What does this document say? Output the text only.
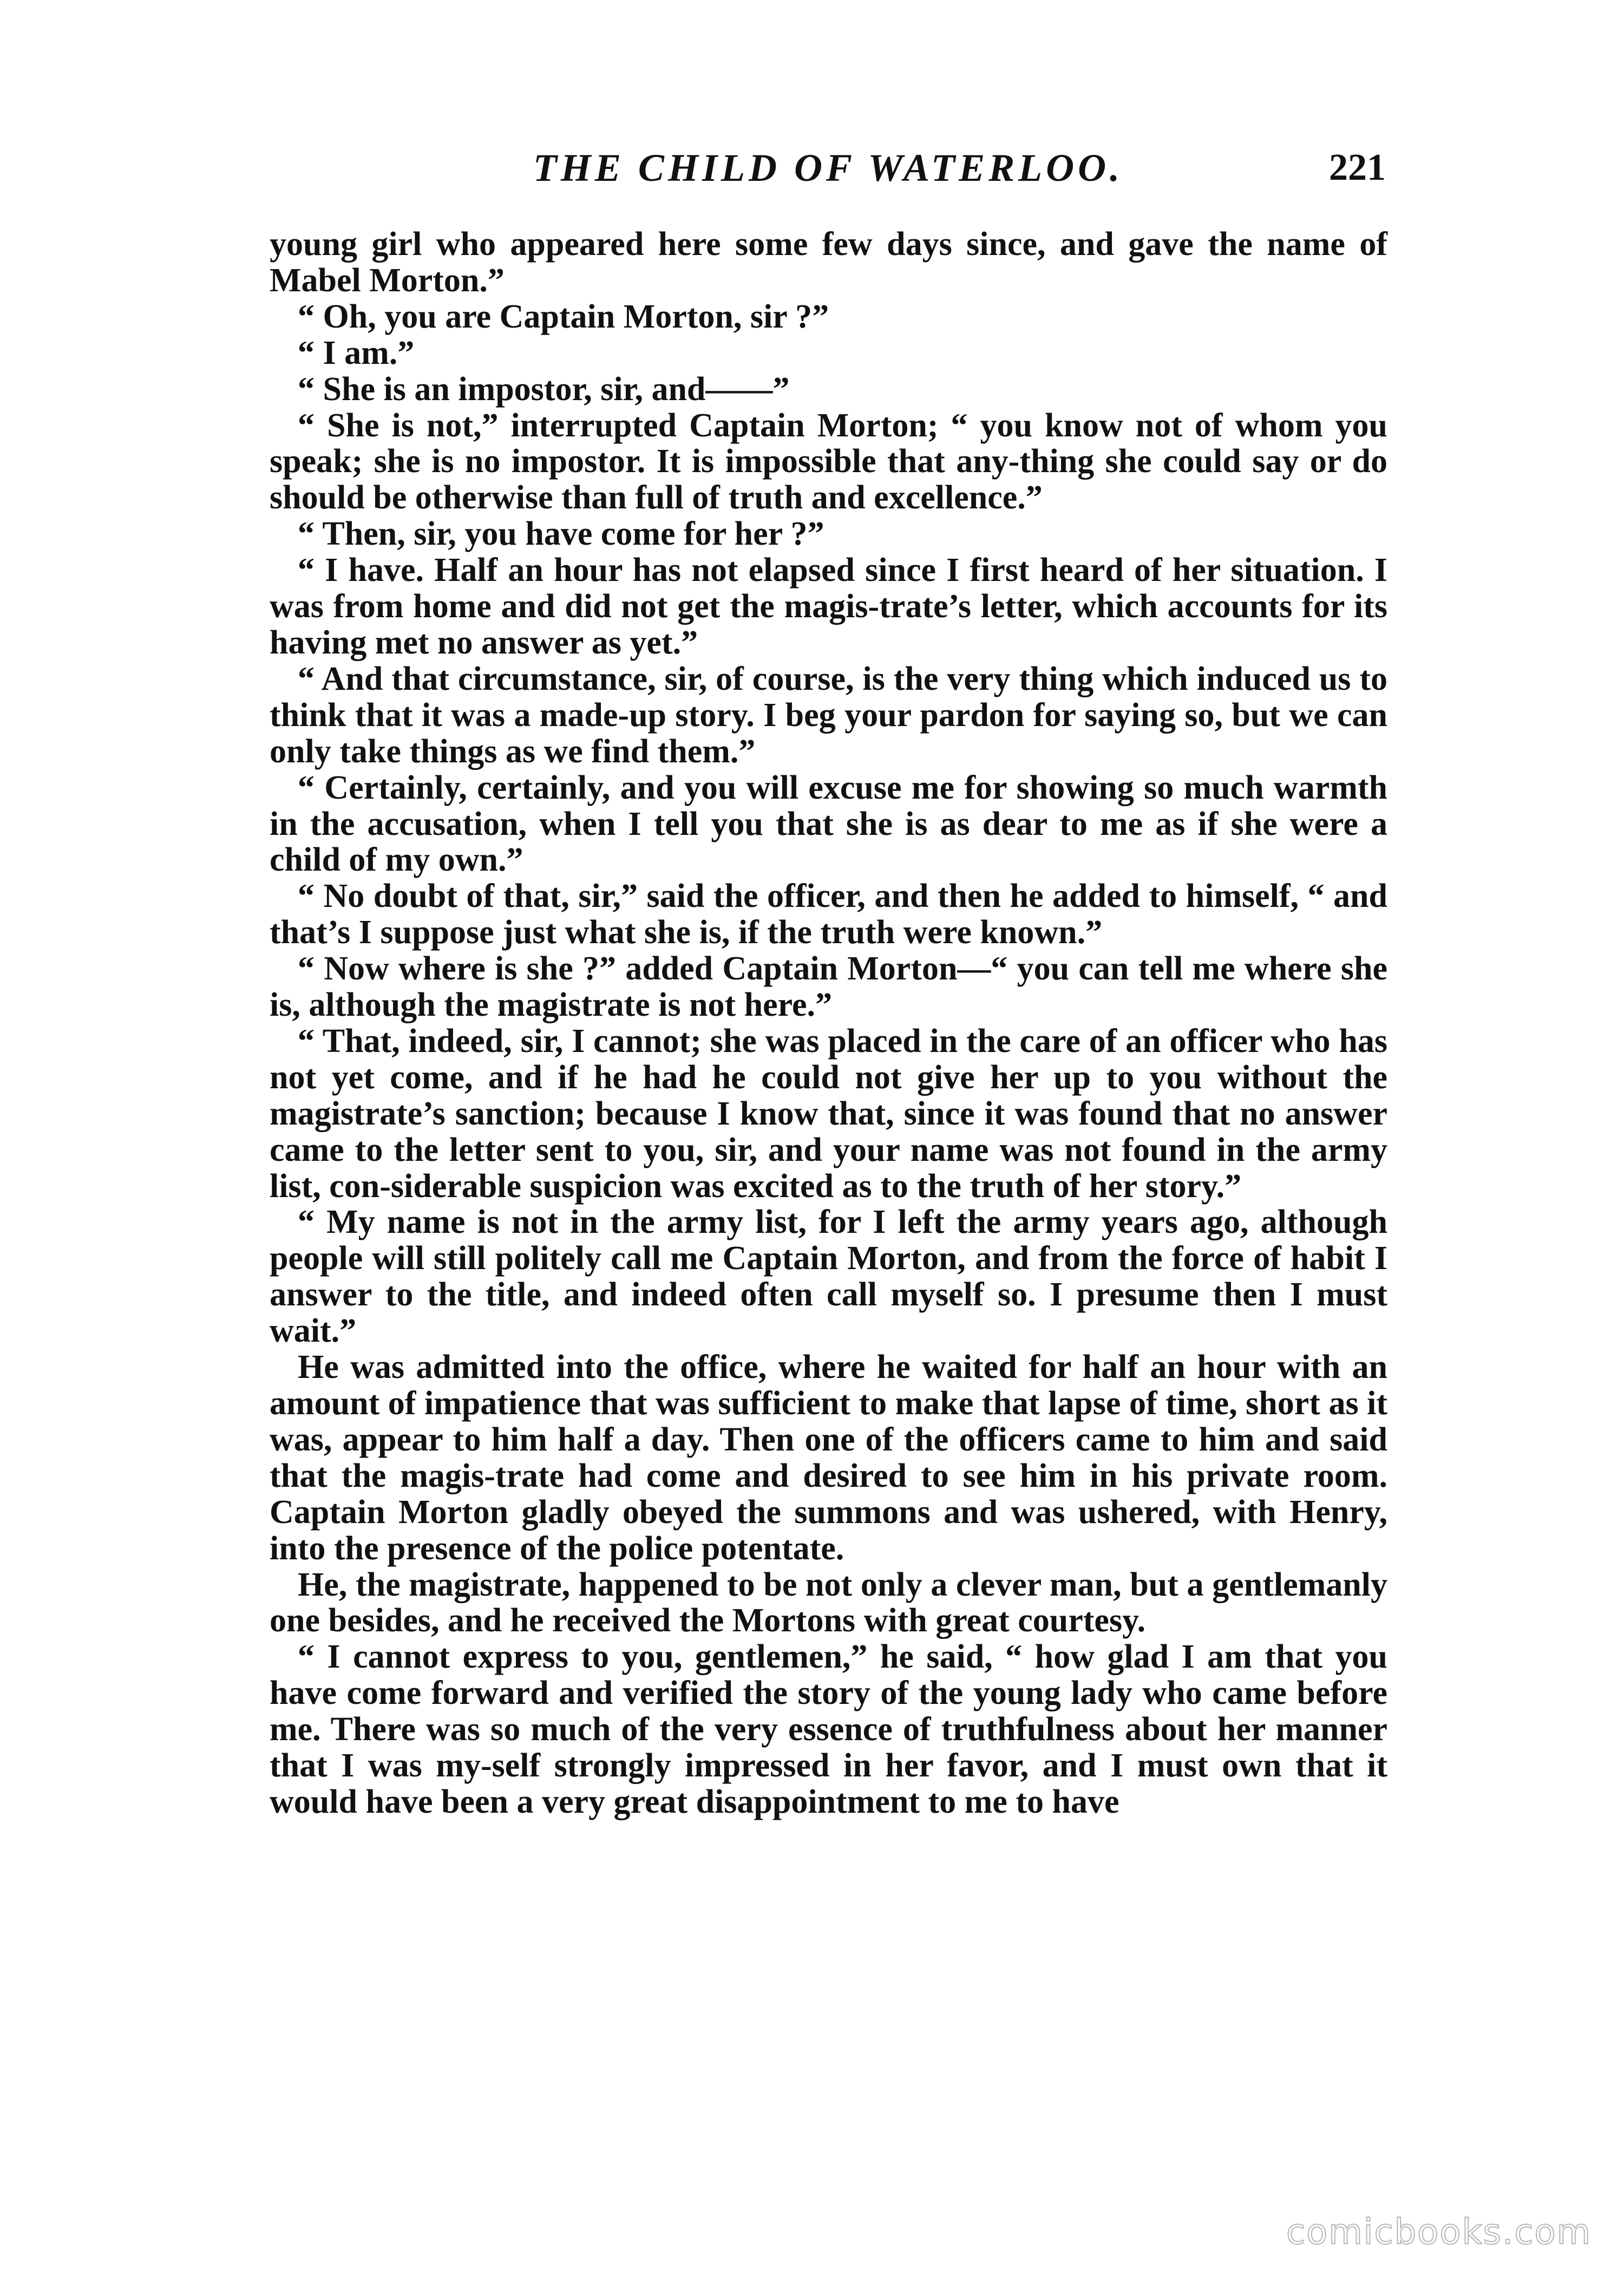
THE CHILD OF WATERLOO.	221

young girl who appeared here some few days since, and gave the name of Mabel Morton.”

“ Oh, you are Captain Morton, sir ?”

“ I am.”

“ She is an impostor, sir, and——”

“ She is not,” interrupted Captain Morton; “ you know not of whom you speak; she is no impostor. It is impossible that any-thing she could say or do should be otherwise than full of truth and excellence.”

“ Then, sir, you have come for her ?”

“ I have. Half an hour has not elapsed since I first heard of her situation. I was from home and did not get the magis-trate’s letter, which accounts for its having met no answer as yet.”

“ And that circumstance, sir, of course, is the very thing which induced us to think that it was a made-up story. I beg your pardon for saying so, but we can only take things as we find them.”

“ Certainly, certainly, and you will excuse me for showing so much warmth in the accusation, when I tell you that she is as dear to me as if she were a child of my own.”

“ No doubt of that, sir,” said the officer, and then he added to himself, “ and that’s I suppose just what she is, if the truth were known.”

“ Now where is she ?” added Captain Morton—“ you can tell me where she is, although the magistrate is not here.”

“ That, indeed, sir, I cannot; she was placed in the care of an officer who has not yet come, and if he had he could not give her up to you without the magistrate’s sanction; because I know that, since it was found that no answer came to the letter sent to you, sir, and your name was not found in the army list, con-siderable suspicion was excited as to the truth of her story.”

“ My name is not in the army list, for I left the army years ago, although people will still politely call me Captain Morton, and from the force of habit I answer to the title, and indeed often call myself so. I presume then I must wait.”

He was admitted into the office, where he waited for half an hour with an amount of impatience that was sufficient to make that lapse of time, short as it was, appear to him half a day. Then one of the officers came to him and said that the magis-trate had come and desired to see him in his private room. Captain Morton gladly obeyed the summons and was ushered, with Henry, into the presence of the police potentate.

He, the magistrate, happened to be not only a clever man, but a gentlemanly one besides, and he received the Mortons with great courtesy.

“ I cannot express to you, gentlemen,” he said, “ how glad I am that you have come forward and verified the story of the young lady who came before me. There was so much of the very essence of truthfulness about her manner that I was my-self strongly impressed in her favor, and I must own that it would have been a very great disappointment to me to have

comicbooks.com
